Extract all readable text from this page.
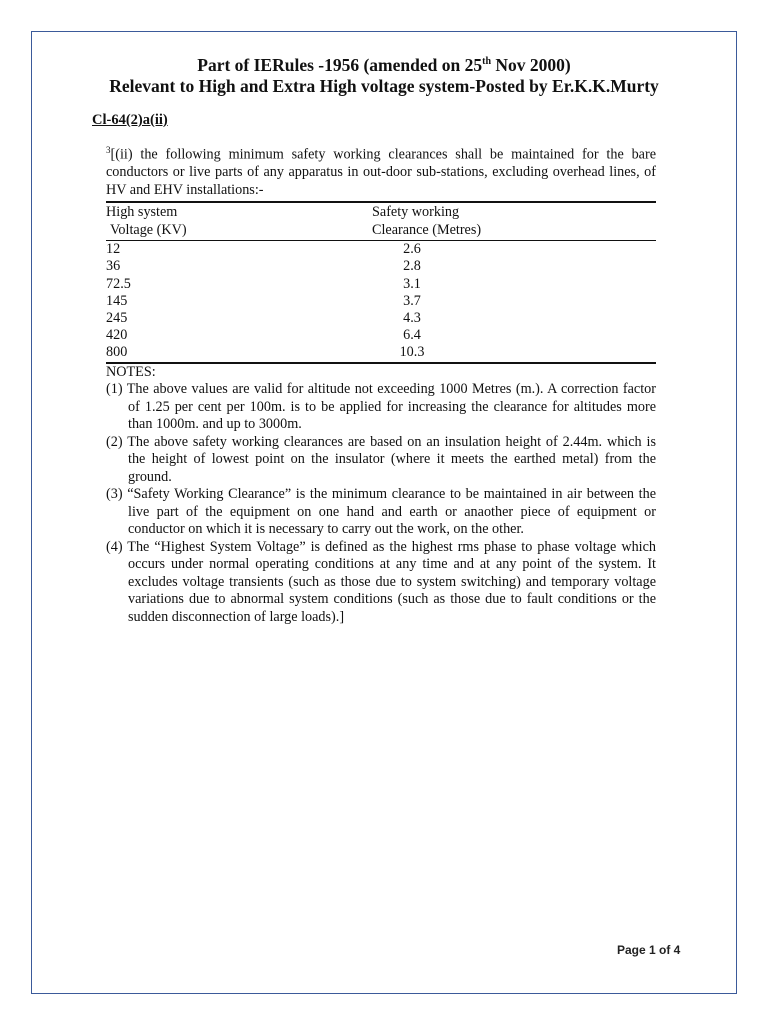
Part of IERules -1956 (amended on 25th Nov 2000)
Relevant to High and Extra High voltage system-Posted by Er.K.K.Murty
Cl-64(2)a(ii)

$^3$[(ii) the following minimum safety working clearances shall be maintained for the bare conductors or live parts of any apparatus in out-door sub-stations, excluding overhead lines, of HV and EHV installations:-

High system	Safety working
Voltage (KV)	Clearance (Metres)
12	2.6
36	2.8
72.5	3.1
145	3.7
245	4.3
420	6.4
800	10.3

NOTES:

(1) The above values are valid for altitude not exceeding 1000 Metres (m.). A correction factor of 1.25 per cent per 100m. is to be applied for increasing the clearance for altitudes more than 1000m. and up to 3000m.

(2) The above safety working clearances are based on an insulation height of 2.44m. which is the height of lowest point on the insulator (where it meets the earthed metal) from the ground.

(3) “Safety Working Clearance” is the minimum clearance to be maintained in air between the live part of the equipment on one hand and earth or anaother piece of equipment or conductor on which it is necessary to carry out the work, on the other.

(4) The “Highest System Voltage” is defined as the highest rms phase to phase voltage which occurs under normal operating conditions at any time and at any point of the system. It excludes voltage transients (such as those due to system switching) and temporary voltage variations due to abnormal system conditions (such as those due to fault conditions or the sudden disconnection of large loads).]

Page 1 of 4
